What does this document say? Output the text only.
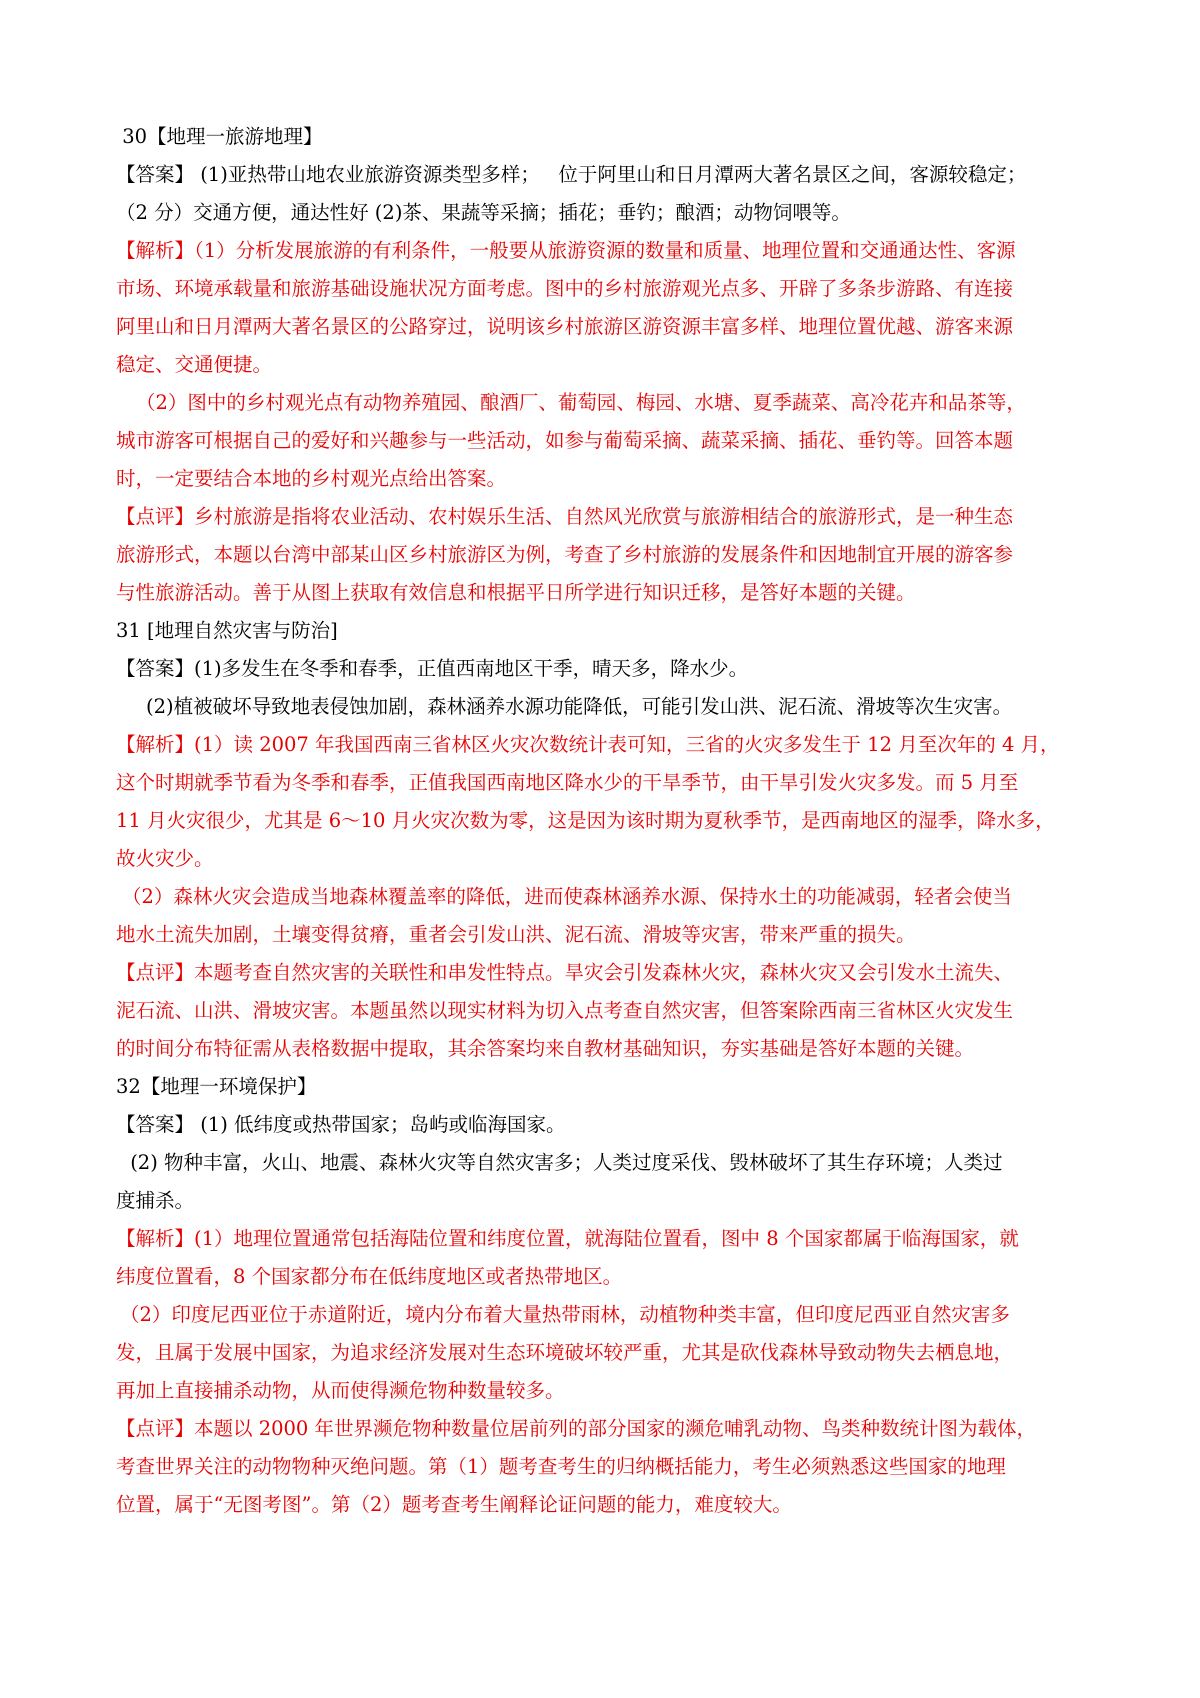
30【地理一旅游地理】
【答案】 (1)亚热带山地农业旅游资源类型多样；   位于阿里山和日月潭两大著名景区之间，客源较稳定；
（2 分）交通方便，通达性好 (2)茶、果蔬等采摘；插花；垂钓；酿酒；动物饲喂等。
【解析】（1）分析发展旅游的有利条件，一般要从旅游资源的数量和质量、地理位置和交通通达性、客源
市场、环境承载量和旅游基础设施状况方面考虑。图中的乡村旅游观光点多、开辟了多条步游路、有连接
阿里山和日月潭两大著名景区的公路穿过，说明该乡村旅游区游资源丰富多样、地理位置优越、游客来源
稳定、交通便捷。
（2）图中的乡村观光点有动物养殖园、酿酒厂、葡萄园、梅园、水塘、夏季蔬菜、高冷花卉和品茶等，
城市游客可根据自己的爱好和兴趣参与一些活动，如参与葡萄采摘、蔬菜采摘、插花、垂钓等。回答本题
时，一定要结合本地的乡村观光点给出答案。
【点评】乡村旅游是指将农业活动、农村娱乐生活、自然风光欣赏与旅游相结合的旅游形式，是一种生态
旅游形式，本题以台湾中部某山区乡村旅游区为例，考查了乡村旅游的发展条件和因地制宜开展的游客参
与性旅游活动。善于从图上获取有效信息和根据平日所学进行知识迁移，是答好本题的关键。
31 [地理自然灾害与防治]
【答案】(1)多发生在冬季和春季，正值西南地区干季，晴天多，降水少。
(2)植被破坏导致地表侵蚀加剧，森林涵养水源功能降低，可能引发山洪、泥石流、滑坡等次生灾害。
【解析】(1）读 2007 年我国西南三省林区火灾次数统计表可知，三省的火灾多发生于 12 月至次年的 4 月，
这个时期就季节看为冬季和春季，正值我国西南地区降水少的干旱季节，由干旱引发火灾多发。而 5 月至
11 月火灾很少，尤其是 6～10 月火灾次数为零，这是因为该时期为夏秋季节，是西南地区的湿季，降水多，
故火灾少。
（2）森林火灾会造成当地森林覆盖率的降低，进而使森林涵养水源、保持水土的功能减弱，轻者会使当
地水土流失加剧，土壤变得贫瘠，重者会引发山洪、泥石流、滑坡等灾害，带来严重的损失。
【点评】本题考查自然灾害的关联性和串发性特点。旱灾会引发森林火灾，森林火灾又会引发水土流失、
泥石流、山洪、滑坡灾害。本题虽然以现实材料为切入点考查自然灾害，但答案除西南三省林区火灾发生
的时间分布特征需从表格数据中提取，其余答案均来自教材基础知识，夯实基础是答好本题的关键。
32【地理一环境保护】
【答案】 (1) 低纬度或热带国家；岛屿或临海国家。
(2) 物种丰富，火山、地震、森林火灾等自然灾害多；人类过度采伐、毁林破坏了其生存环境；人类过
度捕杀。
【解析】(1）地理位置通常包括海陆位置和纬度位置，就海陆位置看，图中 8 个国家都属于临海国家，就
纬度位置看，8 个国家都分布在低纬度地区或者热带地区。
（2）印度尼西亚位于赤道附近，境内分布着大量热带雨林，动植物种类丰富，但印度尼西亚自然灾害多
发，且属于发展中国家，为追求经济发展对生态环境破坏较严重，尤其是砍伐森林导致动物失去栖息地，
再加上直接捕杀动物，从而使得濒危物种数量较多。
【点评】本题以 2000 年世界濒危物种数量位居前列的部分国家的濒危哺乳动物、鸟类种数统计图为载体，
考查世界关注的动物物种灭绝问题。第（1）题考查考生的归纳概括能力，考生必须熟悉这些国家的地理
位置，属于“无图考图”。第（2）题考查考生阐释论证问题的能力，难度较大。
